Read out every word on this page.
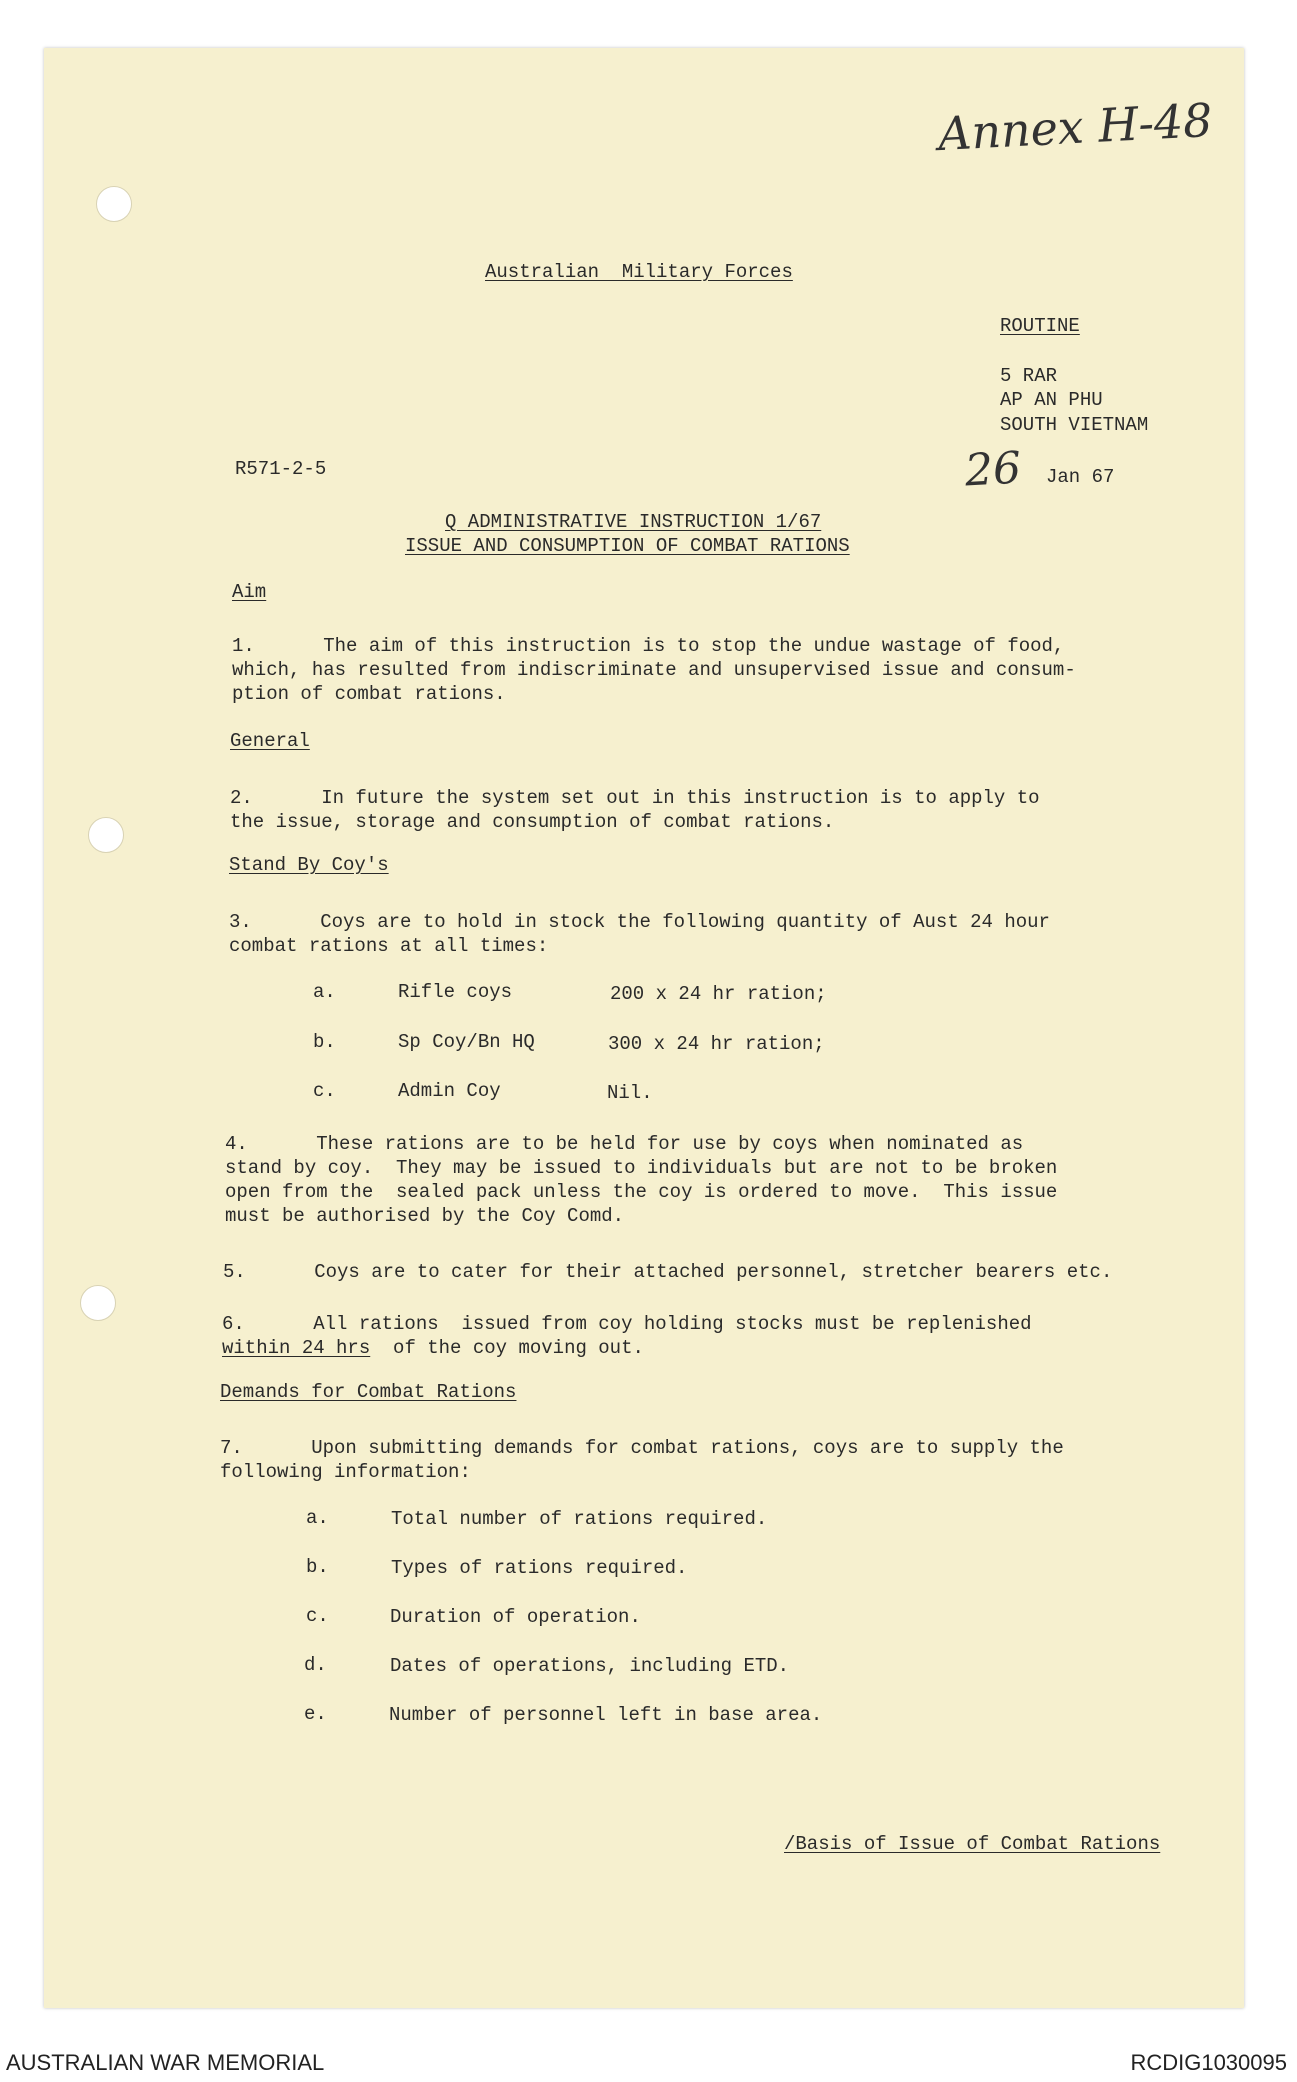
Annex H-48
Australian  Military Forces
ROUTINE
5 RAR
AP AN PHU
SOUTH VIETNAM
R571-2-5	26 Jan 67
Q ADMINISTRATIVE INSTRUCTION 1/67
ISSUE AND CONSUMPTION OF COMBAT RATIONS
Aim
1.      The aim of this instruction is to stop the undue wastage of food,
which, has resulted from indiscriminate and unsupervised issue and consum-
ption of combat rations.
General
2.      In future the system set out in this instruction is to apply to
the issue, storage and consumption of combat rations.
Stand By Coy's
3.      Coys are to hold in stock the following quantity of Aust 24 hour
combat rations at all times:
a.	Rifle coys	200 x 24 hr ration;
b.	Sp Coy/Bn HQ	300 x 24 hr ration;
c.	Admin Coy	Nil.
4.      These rations are to be held for use by coys when nominated as
stand by coy.  They may be issued to individuals but are not to be broken
open from the  sealed pack unless the coy is ordered to move.  This issue
must be authorised by the Coy Comd.
5.      Coys are to cater for their attached personnel, stretcher bearers etc.
6.      All rations  issued from coy holding stocks must be replenished
within 24 hrs  of the coy moving out.
Demands for Combat Rations
7.      Upon submitting demands for combat rations, coys are to supply the
following information:
a.	Total number of rations required.
b.	Types of rations required.
c.	Duration of operation.
d.	Dates of operations, including ETD.
e.	Number of personnel left in base area.
/Basis of Issue of Combat Rations
AUSTRALIAN WAR MEMORIAL	RCDIG1030095
